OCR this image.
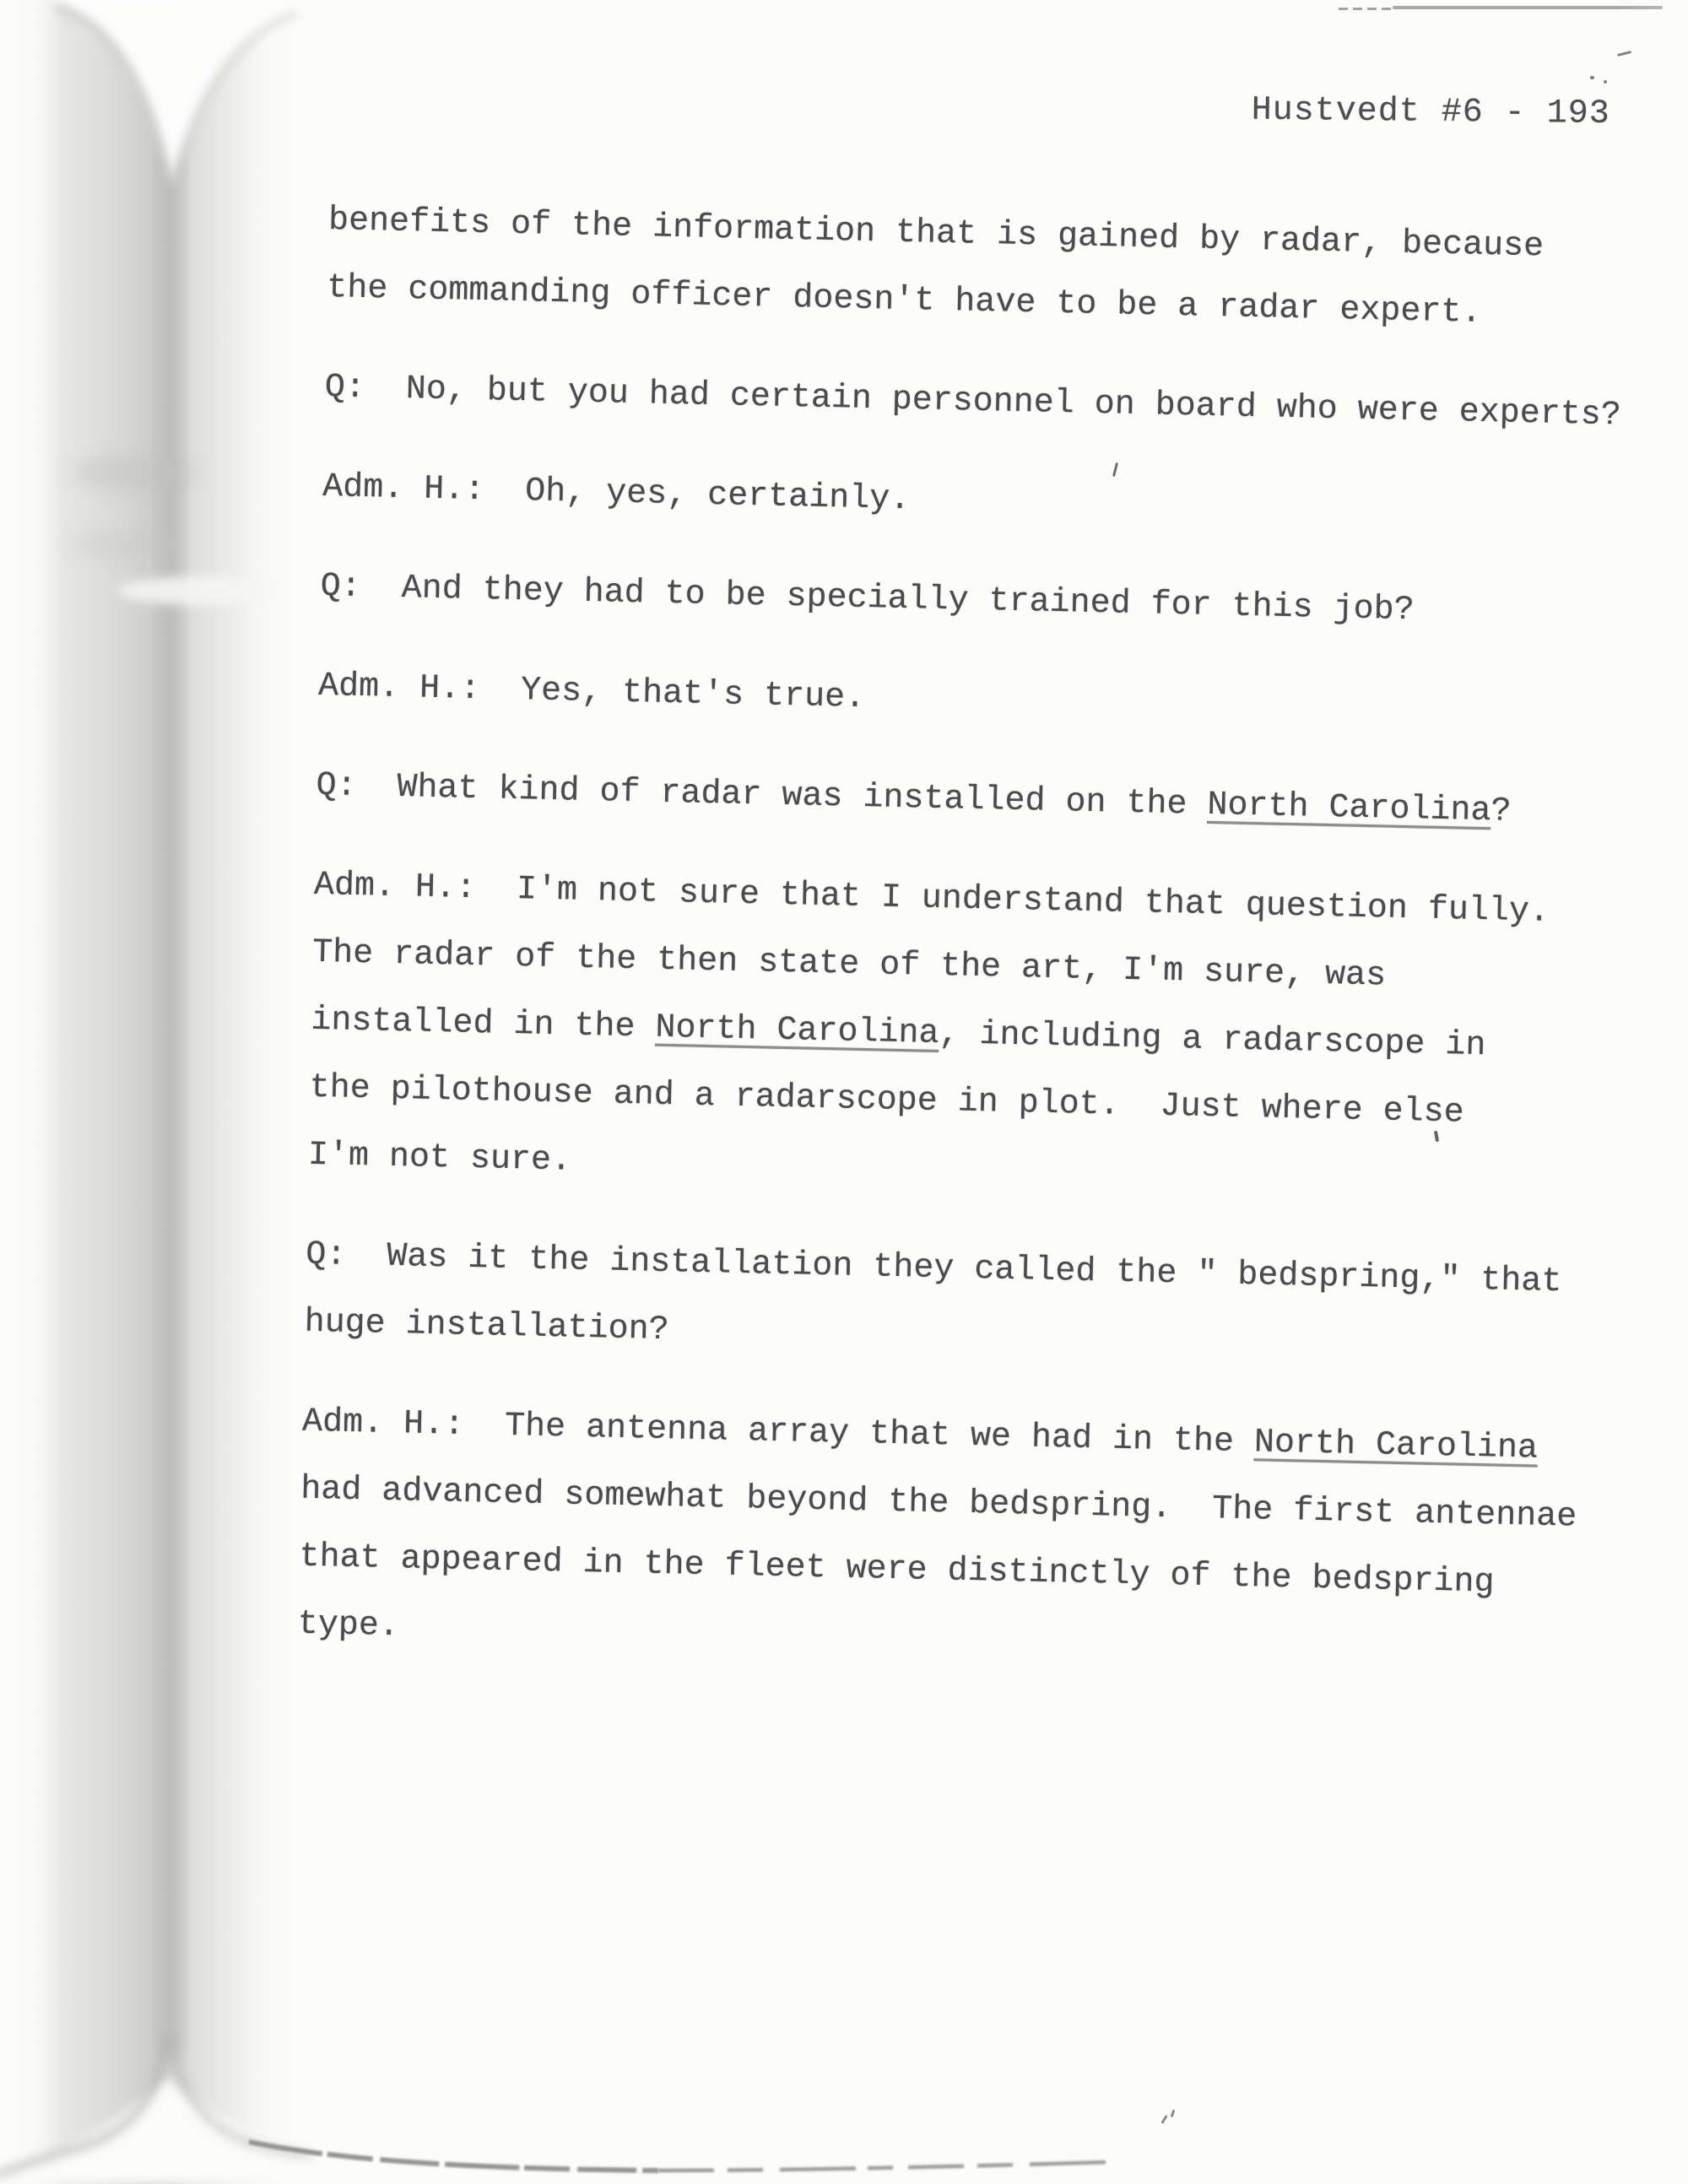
Hustvedt #6 - 193
benefits of the information that is gained by radar, because
the commanding officer doesn't have to be a radar expert.
Q:  No, but you had certain personnel on board who were experts?
Adm. H.:  Oh, yes, certainly.
Q:  And they had to be specially trained for this job?
Adm. H.:  Yes, that's true.
Q:  What kind of radar was installed on the North Carolina?
Adm. H.:  I'm not sure that I understand that question fully.
The radar of the then state of the art, I'm sure, was
installed in the North Carolina, including a radarscope in
the pilothouse and a radarscope in plot.  Just where else
I'm not sure.
Q:  Was it the installation they called the " bedspring," that
huge installation?
Adm. H.:  The antenna array that we had in the North Carolina
had advanced somewhat beyond the bedspring.  The first antennae
that appeared in the fleet were distinctly of the bedspring
type.
